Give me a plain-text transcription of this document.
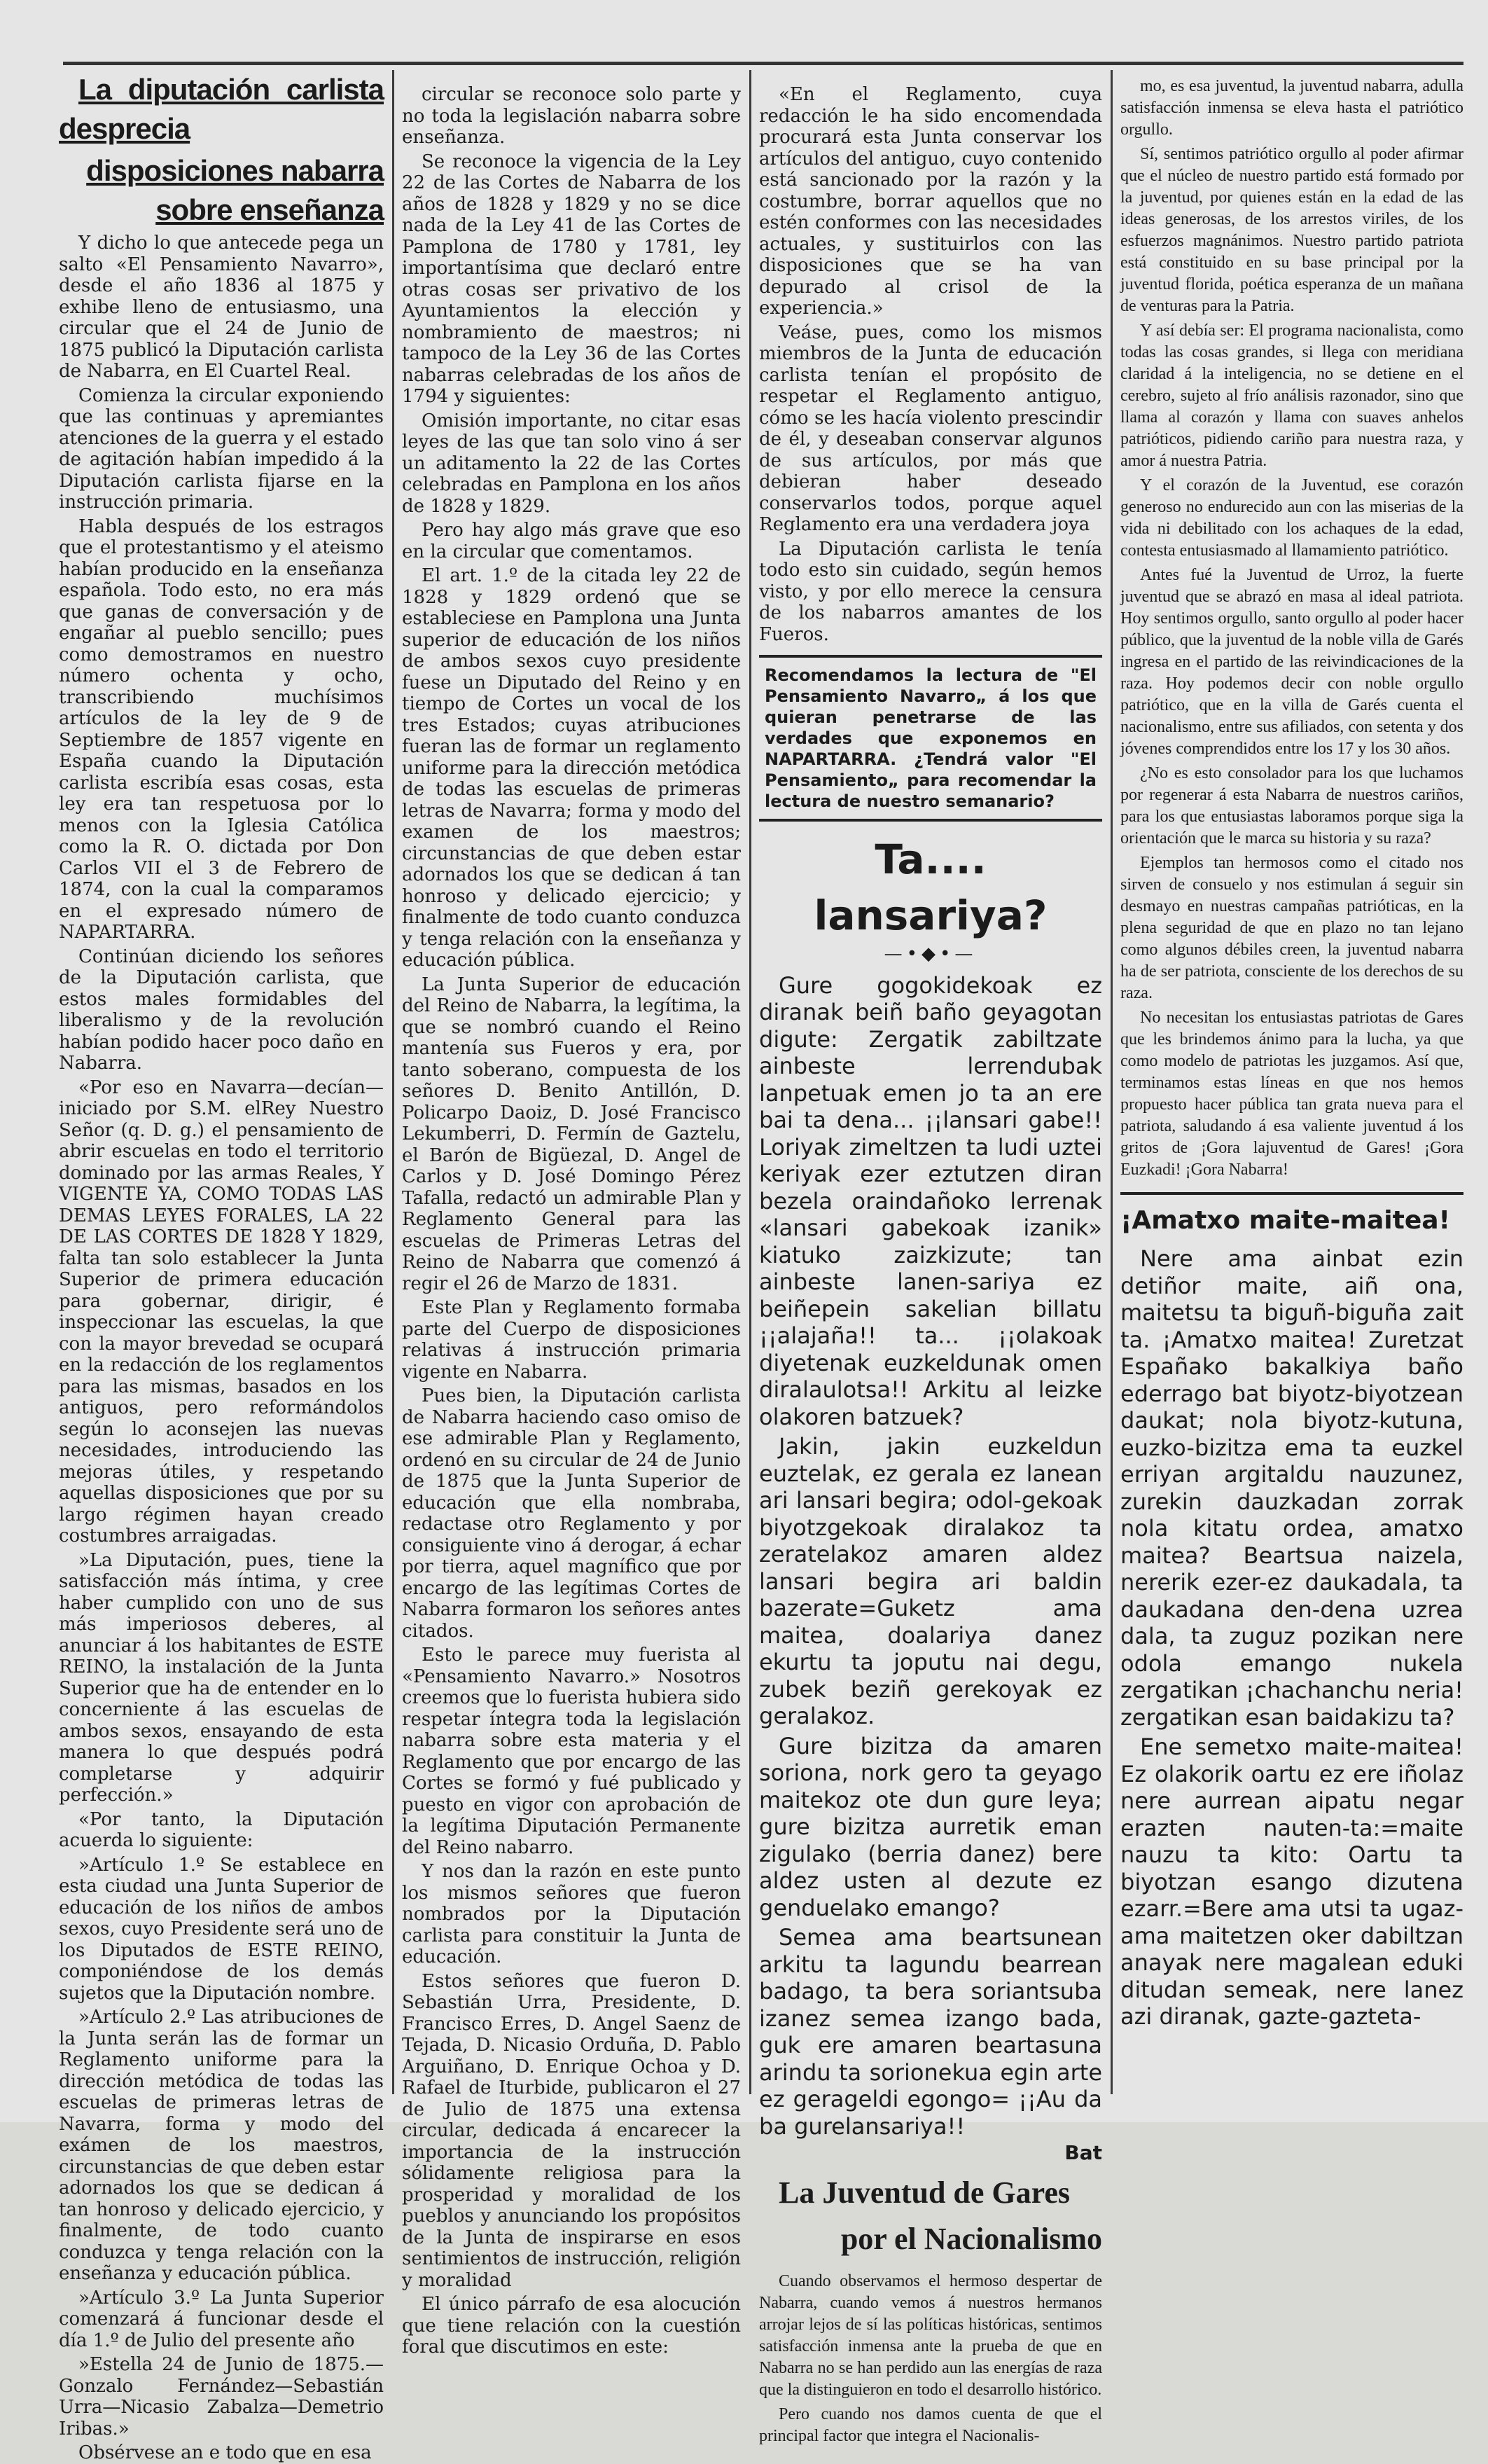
La diputación carlista desprecia

disposiciones nabarra sobre enseñanza

Y dicho lo que antecede pega un salto «El Pensamiento Navarro», desde el año 1836 al 1875 y exhibe lleno de entusiasmo, una circular que el 24 de Junio de 1875 publicó la Diputación carlista de Nabarra, en El Cuartel Real.

Comienza la circular exponiendo que las continuas y apremiantes atenciones de la guerra y el estado de agitación habían impedido á la Diputación carlista fijarse en la instrucción primaria.

Habla después de los estragos que el protestantismo y el ateismo habían producido en la enseñanza española. Todo esto, no era más que ganas de conversación y de engañar al pueblo sencillo; pues como demostramos en nuestro número ochenta y ocho, transcribiendo muchísimos artículos de la ley de 9 de Septiembre de 1857 vigente en España cuando la Diputación carlista escribía esas cosas, esta ley era tan respetuosa por lo menos con la Iglesia Católica como la R. O. dictada por Don Carlos VII el 3 de Febrero de 1874, con la cual la comparamos en el expresado número de NAPARTARRA.

Continúan diciendo los señores de la Diputación carlista, que estos males formidables del liberalismo y de la revolución habían podido hacer poco daño en Nabarra.

«Por eso en Navarra—decían—iniciado por S.M. elRey Nuestro Señor (q. D. g.) el pensamiento de abrir escuelas en todo el territorio dominado por las armas Reales, Y VIGENTE YA, COMO TODAS LAS DEMAS LEYES FORALES, LA 22 DE LAS CORTES DE 1828 Y 1829, falta tan solo establecer la Junta Superior de primera educación para gobernar, dirigir, é inspeccionar las escuelas, la que con la mayor brevedad se ocupará en la redacción de los reglamentos para las mismas, basados en los antiguos, pero reformándolos según lo aconsejen las nuevas necesidades, introduciendo las mejoras útiles, y respetando aquellas disposiciones que por su largo régimen hayan creado costumbres arraigadas.

»La Diputación, pues, tiene la satisfacción más íntima, y cree haber cumplido con uno de sus más imperiosos deberes, al anunciar á los habitantes de ESTE REINO, la instalación de la Junta Superior que ha de entender en lo concerniente á las escuelas de ambos sexos, ensayando de esta manera lo que después podrá completarse y adquirir perfección.»

«Por tanto, la Diputación acuerda lo siguiente:

»Artículo 1.º Se establece en esta ciudad una Junta Superior de educación de los niños de ambos sexos, cuyo Presidente será uno de los Diputados de ESTE REINO, componiéndose de los demás sujetos que la Diputación nombre.

»Artículo 2.º Las atribuciones de la Junta serán las de formar un Reglamento uniforme para la dirección metódica de todas las escuelas de primeras letras de Navarra, forma y modo del exámen de los maestros, circunstancias de que deben estar adornados los que se dedican á tan honroso y delicado ejercicio, y finalmente, de todo cuanto conduzca y tenga relación con la enseñanza y educación pública.

»Artículo 3.º La Junta Superior comenzará á funcionar desde el día 1.º de Julio del presente año

»Estella 24 de Junio de 1875.—Gonzalo Fernández—Sebastián Urra—Nicasio Zabalza—Demetrio Iribas.»

Obsérvese an e todo que en esa

circular se reconoce solo parte y no toda la legislación nabarra sobre enseñanza.

Se reconoce la vigencia de la Ley 22 de las Cortes de Nabarra de los años de 1828 y 1829 y no se dice nada de la Ley 41 de las Cortes de Pamplona de 1780 y 1781, ley importantísima que declaró entre otras cosas ser privativo de los Ayuntamientos la elección y nombramiento de maestros; ni tampoco de la Ley 36 de las Cortes nabarras celebradas de los años de 1794 y siguientes:

Omisión importante, no citar esas leyes de las que tan solo vino á ser un aditamento la 22 de las Cortes celebradas en Pamplona en los años de 1828 y 1829.

Pero hay algo más grave que eso en la circular que comentamos.

El art. 1.º de la citada ley 22 de 1828 y 1829 ordenó que se estableciese en Pamplona una Junta superior de educación de los niños de ambos sexos cuyo presidente fuese un Diputado del Reino y en tiempo de Cortes un vocal de los tres Estados; cuyas atribuciones fueran las de formar un reglamento uniforme para la dirección metódica de todas las escuelas de primeras letras de Navarra; forma y modo del examen de los maestros; circunstancias de que deben estar adornados los que se dedican á tan honroso y delicado ejercicio; y finalmente de todo cuanto conduzca y tenga relación con la enseñanza y educación pública.

La Junta Superior de educación del Reino de Nabarra, la legítima, la que se nombró cuando el Reino mantenía sus Fueros y era, por tanto soberano, compuesta de los señores D. Benito Antillón, D. Policarpo Daoiz, D. José Francisco Lekumberri, D. Fermín de Gaztelu, el Barón de Bigüezal, D. Angel de Carlos y D. José Domingo Pérez Tafalla, redactó un admirable Plan y Reglamento General para las escuelas de Primeras Letras del Reino de Nabarra que comenzó á regir el 26 de Marzo de 1831.

Este Plan y Reglamento formaba parte del Cuerpo de disposiciones relativas á instrucción primaria vigente en Nabarra.

Pues bien, la Diputación carlista de Nabarra haciendo caso omiso de ese admirable Plan y Reglamento, ordenó en su circular de 24 de Junio de 1875 que la Junta Superior de educación que ella nombraba, redactase otro Reglamento y por consiguiente vino á derogar, á echar por tierra, aquel magnífico que por encargo de las legítimas Cortes de Nabarra formaron los señores antes citados.

Esto le parece muy fuerista al «Pensamiento Navarro.» Nosotros creemos que lo fuerista hubiera sido respetar íntegra toda la legislación nabarra sobre esta materia y el Reglamento que por encargo de las Cortes se formó y fué publicado y puesto en vigor con aprobación de la legítima Diputación Permanente del Reino nabarro.

Y nos dan la razón en este punto los mismos señores que fueron nombrados por la Diputación carlista para constituir la Junta de educación.

Estos señores que fueron D. Sebastián Urra, Presidente, D. Francisco Erres, D. Angel Saenz de Tejada, D. Nicasio Orduña, D. Pablo Arguiñano, D. Enrique Ochoa y D. Rafael de Iturbide, publicaron el 27 de Julio de 1875 una extensa circular, dedicada á encarecer la importancia de la instrucción sólidamente religiosa para la prosperidad y moralidad de los pueblos y anunciando los propósitos de la Junta de inspirarse en esos sentimientos de instrucción, religión y moralidad

El único párrafo de esa alocución que tiene relación con la cuestión foral que discutimos en este:

«En el Reglamento, cuya redacción le ha sido encomendada procurará esta Junta conservar los artículos del antiguo, cuyo contenido está sancionado por la razón y la costumbre, borrar aquellos que no estén conformes con las necesidades actuales, y sustituirlos con las disposiciones que se ha van depurado al crisol de la experiencia.»

Veáse, pues, como los mismos miembros de la Junta de educación carlista tenían el propósito de respetar el Reglamento antiguo, cómo se les hacía violento prescindir de él, y deseaban conservar algunos de sus artículos, por más que debieran haber deseado conservarlos todos, porque aquel Reglamento era una verdadera joya

La Diputación carlista le tenía todo esto sin cuidado, según hemos visto, y por ello merece la censura de los nabarros amantes de los Fueros.

Recomendamos la lectura de "El Pensamiento Navarro„ á los que quieran penetrarse de las verdades que exponemos en NAPARTARRA. ¿Tendrá valor "El Pensamiento„ para recomendar la lectura de nuestro semanario?
Ta.... lansariya?
—•◆•—

Gure gogokidekoak ez diranak beiñ baño geyagotan digute: Zergatik zabiltzate ainbeste lerrendubak lanpetuak emen jo ta an ere bai ta dena... ¡¡lansari gabe!! Loriyak zimeltzen ta ludi uztei keriyak ezer eztutzen diran bezela oraindañoko lerrenak «lansari gabekoak izanik» kiatuko zaizkizute; tan ainbeste lanen-sariya ez beiñepein sakelian billatu ¡¡alajaña!! ta... ¡¡olakoak diyetenak euzkeldunak omen diralaulotsa!! Arkitu al leizke olakoren batzuek?

Jakin, jakin euzkeldun euztelak, ez gerala ez lanean ari lansari begira; odol-gekoak biyotzgekoak diralakoz ta zeratelakoz amaren aldez lansari begira ari baldin bazerate=Guketz ama maitea, doalariya danez ekurtu ta joputu nai degu, zubek beziñ gerekoyak ez geralakoz.

Gure bizitza da amaren soriona, nork gero ta geyago maitekoz ote dun gure leya; gure bizitza aurretik eman zigulako (berria danez) bere aldez usten al dezute ez genduelako emango?

Semea ama beartsunean arkitu ta lagundu bearrean badago, ta bera soriantsuba izanez semea izango bada, guk ere amaren beartasuna arindu ta sorionekua egin arte ez gerageldi egongo= ¡¡Au da ba gurelansariya!!

Bat

La Juventud de Gares

por el Nacionalismo

Cuando observamos el hermoso despertar de Nabarra, cuando vemos á nuestros hermanos arrojar lejos de sí las políticas históricas, sentimos satisfacción inmensa ante la prueba de que en Nabarra no se han perdido aun las energías de raza que la distinguieron en todo el desarrollo histórico.

Pero cuando nos damos cuenta de que el principal factor que integra el Nacionalis-

mo, es esa juventud, la juventud nabarra, adulla satisfacción inmensa se eleva hasta el patriótico orgullo.

Sí, sentimos patriótico orgullo al poder afirmar que el núcleo de nuestro partido está formado por la juventud, por quienes están en la edad de las ideas generosas, de los arrestos viriles, de los esfuerzos magnánimos. Nuestro partido patriota está constituido en su base principal por la juventud florida, poética esperanza de un mañana de venturas para la Patria.

Y así debía ser: El programa nacionalista, como todas las cosas grandes, si llega con meridiana claridad á la inteligencia, no se detiene en el cerebro, sujeto al frío análisis razonador, sino que llama al corazón y llama con suaves anhelos patrióticos, pidiendo cariño para nuestra raza, y amor á nuestra Patria.

Y el corazón de la Juventud, ese corazón generoso no endurecido aun con las miserias de la vida ni debilitado con los achaques de la edad, contesta entusiasmado al llamamiento patriótico.

Antes fué la Juventud de Urroz, la fuerte juventud que se abrazó en masa al ideal patriota. Hoy sentimos orgullo, santo orgullo al poder hacer público, que la juventud de la noble villa de Garés ingresa en el partido de las reivindicaciones de la raza. Hoy podemos decir con noble orgullo patriótico, que en la villa de Garés cuenta el nacionalismo, entre sus afiliados, con setenta y dos jóvenes comprendidos entre los 17 y los 30 años.

¿No es esto consolador para los que luchamos por regenerar á esta Nabarra de nuestros cariños, para los que entusiastas laboramos porque siga la orientación que le marca su historia y su raza?

Ejemplos tan hermosos como el citado nos sirven de consuelo y nos estimulan á seguir sin desmayo en nuestras campañas patrióticas, en la plena seguridad de que en plazo no tan lejano como algunos débiles creen, la juventud nabarra ha de ser patriota, consciente de los derechos de su raza.

No necesitan los entusiastas patriotas de Gares que les brindemos ánimo para la lucha, ya que como modelo de patriotas les juzgamos. Así que, terminamos estas líneas en que nos hemos propuesto hacer pública tan grata nueva para el patriota, saludando á esa valiente juventud á los gritos de ¡Gora lajuventud de Gares! ¡Gora Euzkadi! ¡Gora Nabarra!

¡Amatxo maite-maitea!

Nere ama ainbat ezin detiñor maite, aiñ ona, maitetsu ta biguñ-biguña zait ta. ¡Amatxo maitea! Zuretzat Españako bakalkiya baño ederrago bat biyotz-biyotzean daukat; nola biyotz-kutuna, euzko-bizitza ema ta euzkel erriyan argitaldu nauzunez, zurekin dauzkadan zorrak nola kitatu ordea, amatxo maitea? Beartsua naizela, nererik ezer-ez daukadala, ta daukadana den-dena uzrea dala, ta zuguz pozikan nere odola emango nukela zergatikan ¡chachanchu neria! zergatikan esan baidakizu ta?

Ene semetxo maite-maitea! Ez olakorik oartu ez ere iñolaz nere aurrean aipatu negar erazten nauten-ta:=maite nauzu ta kito: Oartu ta biyotzan esango dizutena ezarr.=Bere ama utsi ta ugaz-ama maitetzen oker dabiltzan anayak nere magalean eduki ditudan semeak, nere lanez azi diranak, gazte-gazteta-
